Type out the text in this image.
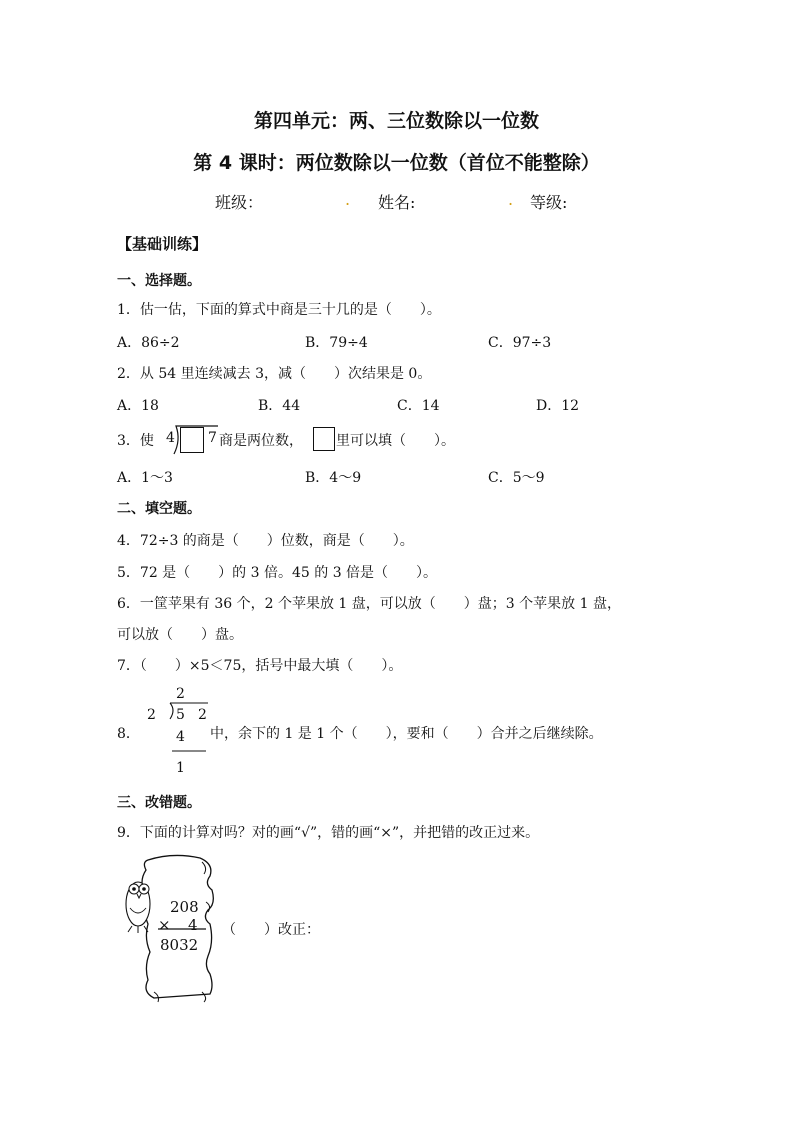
第四单元：两、三位数除以一位数
第 4 课时：两位数除以一位数（首位不能整除）
班级：	. 姓名:	. 等级:
【基础训练】
一、选择题。
1．估一估，下面的算式中商是三十几的是（　　）。
A．86÷2	B．79÷4	C．97÷3
2．从 54 里连续减去 3，减（　　）次结果是 0。
A．18	B．44	C．14	D．12
3．使 4 7 商是两位数， 里可以填（　　）。
A．1～3	B．4～9	C．5～9
二、填空题。
4．72÷3 的商是（　　）位数，商是（　　）。
5．72 是（　　）的 3 倍。45 的 3 倍是（　　）。
6．一筐苹果有 36 个，2 个苹果放 1 盘，可以放（　　）盘；3 个苹果放 1 盘，
可以放（　　）盘。
7．（　　）×5＜75，括号中最大填（　　）。
8．
2
2 5 2
4
1
中，余下的 1 是 1 个（　　），要和（　　）合并之后继续除。
三、改错题。
9．下面的计算对吗？对的画“√”，错的画“×”，并把错的改正过来。
208
× 4
8032
（　　）改正：
